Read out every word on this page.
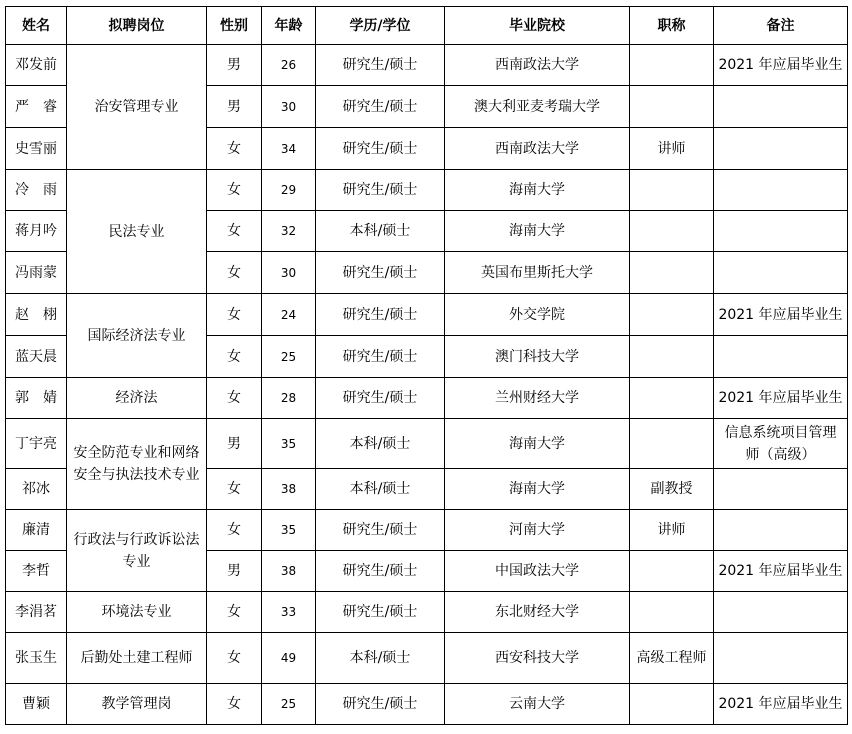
姓名	拟聘岗位	性别	年龄	学历/学位	毕业院校	职称	备注
邓发前	治安管理专业	男	26	研究生/硕士	西南政法大学		2021 年应届毕业生
严　睿		男	30	研究生/硕士	澳大利亚麦考瑞大学		
史雪丽		女	34	研究生/硕士	西南政法大学	讲师	
冷　雨	民法专业	女	29	研究生/硕士	海南大学		
蒋月吟		女	32	本科/硕士	海南大学		
冯雨蒙		女	30	研究生/硕士	英国布里斯托大学		
赵　栩	国际经济法专业	女	24	研究生/硕士	外交学院		2021 年应届毕业生
蓝天晨		女	25	研究生/硕士	澳门科技大学		
郭　婧	经济法	女	28	研究生/硕士	兰州财经大学		2021 年应届毕业生
丁宇亮	安全防范专业和网络安全与执法技术专业	男	35	本科/硕士	海南大学		信息系统项目管理师（高级）
祁冰		女	38	本科/硕士	海南大学	副教授	
廉清	行政法与行政诉讼法专业	女	35	研究生/硕士	河南大学	讲师	
李哲		男	38	研究生/硕士	中国政法大学		2021 年应届毕业生
李涓茗	环境法专业	女	33	研究生/硕士	东北财经大学		
张玉生	后勤处土建工程师	女	49	本科/硕士	西安科技大学	高级工程师	
曹颖	教学管理岗	女	25	研究生/硕士	云南大学		2021 年应届毕业生
